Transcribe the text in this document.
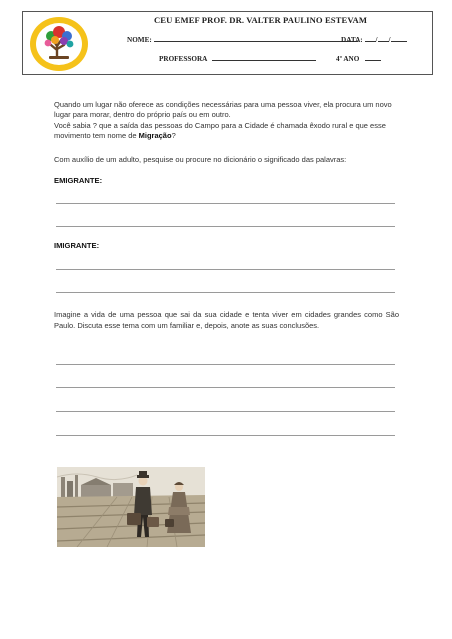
CEU EMEF PROF. DR. VALTER PAULINO ESTEVAM
NOME:	DATA: / /
PROFESSORA	4º ANO
Quando um lugar não oferece as condições necessárias para uma pessoa viver, ela procura um novo lugar para morar, dentro do próprio país ou em outro.
Você sabia ? que a saída das pessoas do Campo para a Cidade é chamada êxodo rural e que esse movimento tem nome de Migração?
Com auxílio de um adulto, pesquise ou procure no dicionário o significado das palavras:
EMIGRANTE:
IMIGRANTE:
Imagine a vida de uma pessoa que sai da sua cidade e tenta viver em cidades grandes como São Paulo. Discuta esse tema com um familiar e, depois, anote as suas conclusões.
